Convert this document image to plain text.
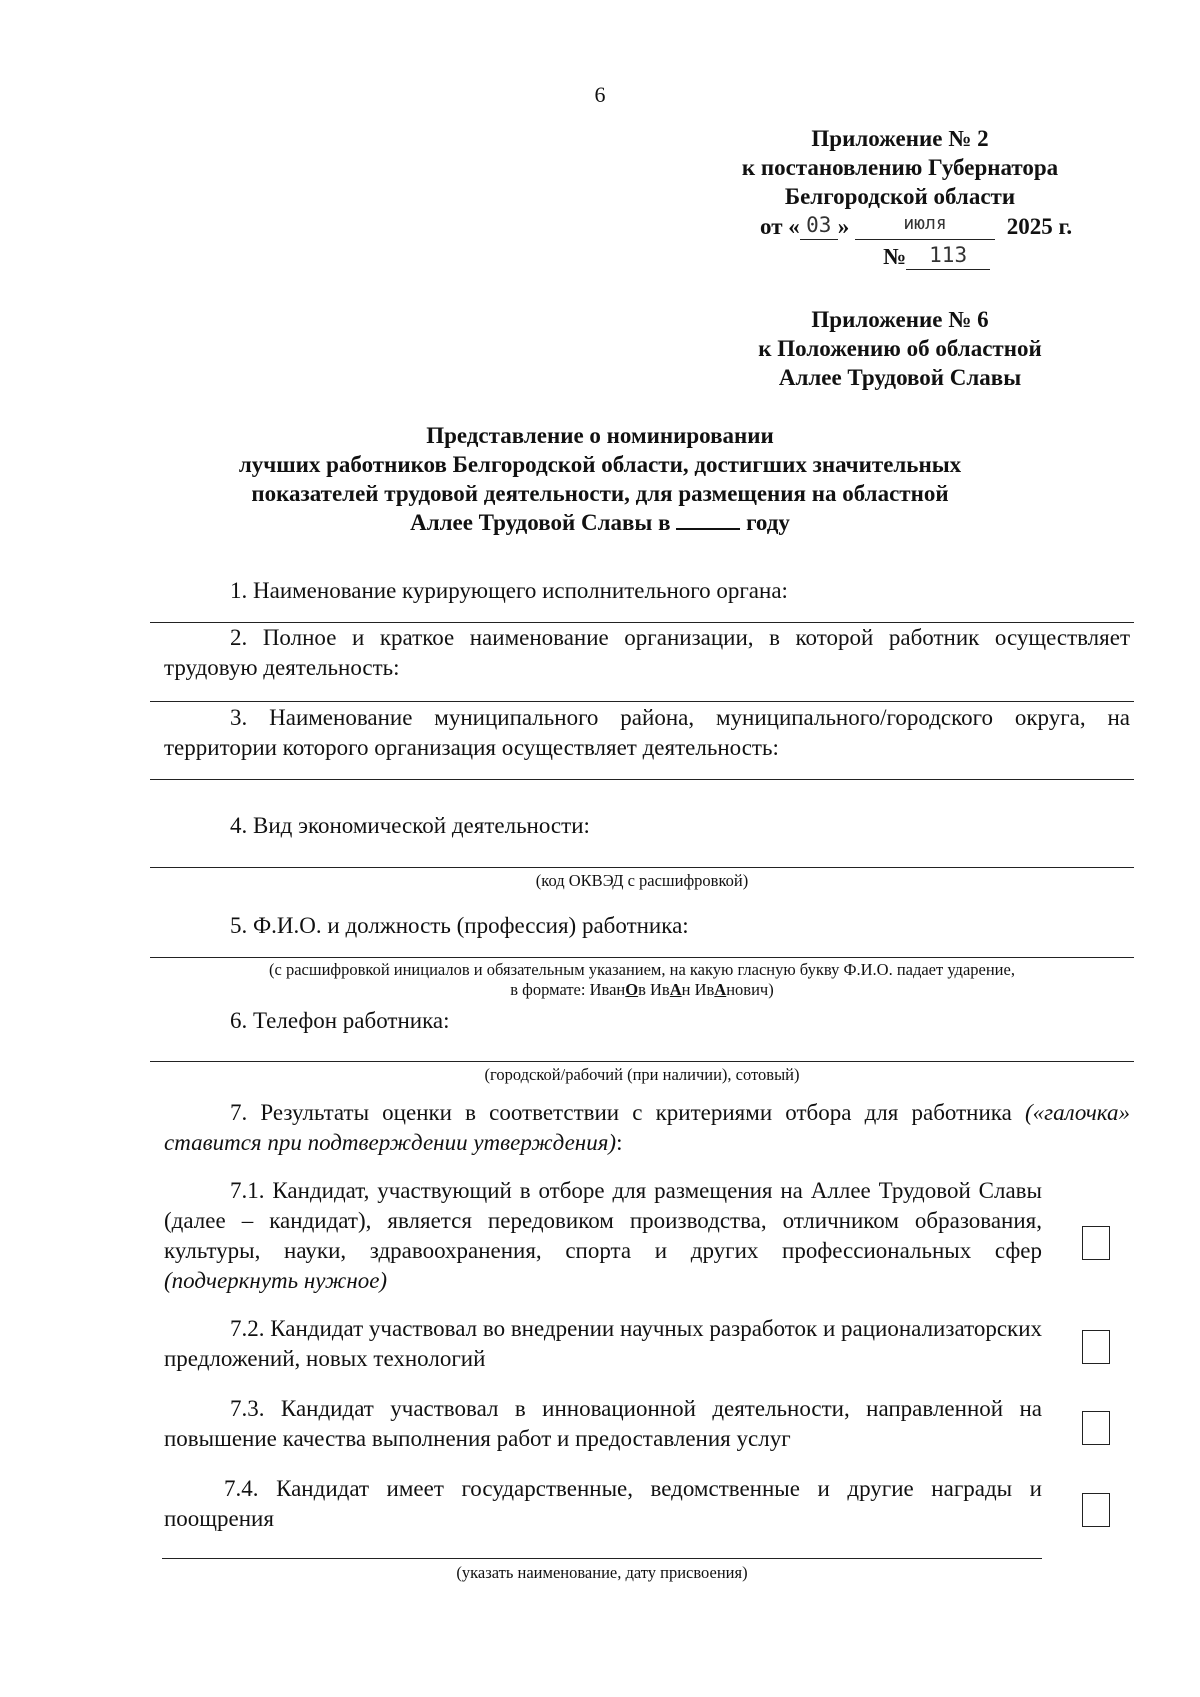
6
Приложение № 2
к постановлению Губернатора
Белгородской области
от « 03 »	июля	2025 г.
№ 113
Приложение № 6
к Положению об областной
Аллее Трудовой Славы
Представление о номинировании
лучших работников Белгородской области, достигших значительных
показателей трудовой деятельности, для размещения на областной
Аллее Трудовой Славы в	году
1. Наименование курирующего исполнительного органа:
2. Полное и краткое наименование организации, в которой работник осуществляет трудовую деятельность:
3. Наименование муниципального района, муниципального/городского округа, на территории которого организация осуществляет деятельность:
4. Вид экономической деятельности:
(код ОКВЭД с расшифровкой)
5. Ф.И.О. и должность (профессия) работника:
(с расшифровкой инициалов и обязательным указанием, на какую гласную букву Ф.И.О. падает ударение,
в формате: ИванОв ИвАн ИвАнович)
6. Телефон работника:
(городской/рабочий (при наличии), сотовый)
7. Результаты оценки в соответствии с критериями отбора для работника («галочка» ставится при подтверждении утверждения):
7.1. Кандидат, участвующий в отборе для размещения на Аллее Трудовой Славы (далее – кандидат), является передовиком производства, отличником образования, культуры, науки, здравоохранения, спорта и других профессиональных сфер (подчеркнуть нужное)
7.2. Кандидат участвовал во внедрении научных разработок и рационализаторских предложений, новых технологий
7.3. Кандидат участвовал в инновационной деятельности, направленной на повышение качества выполнения работ и предоставления услуг
7.4. Кандидат имеет государственные, ведомственные и другие награды и поощрения
(указать наименование, дату присвоения)
